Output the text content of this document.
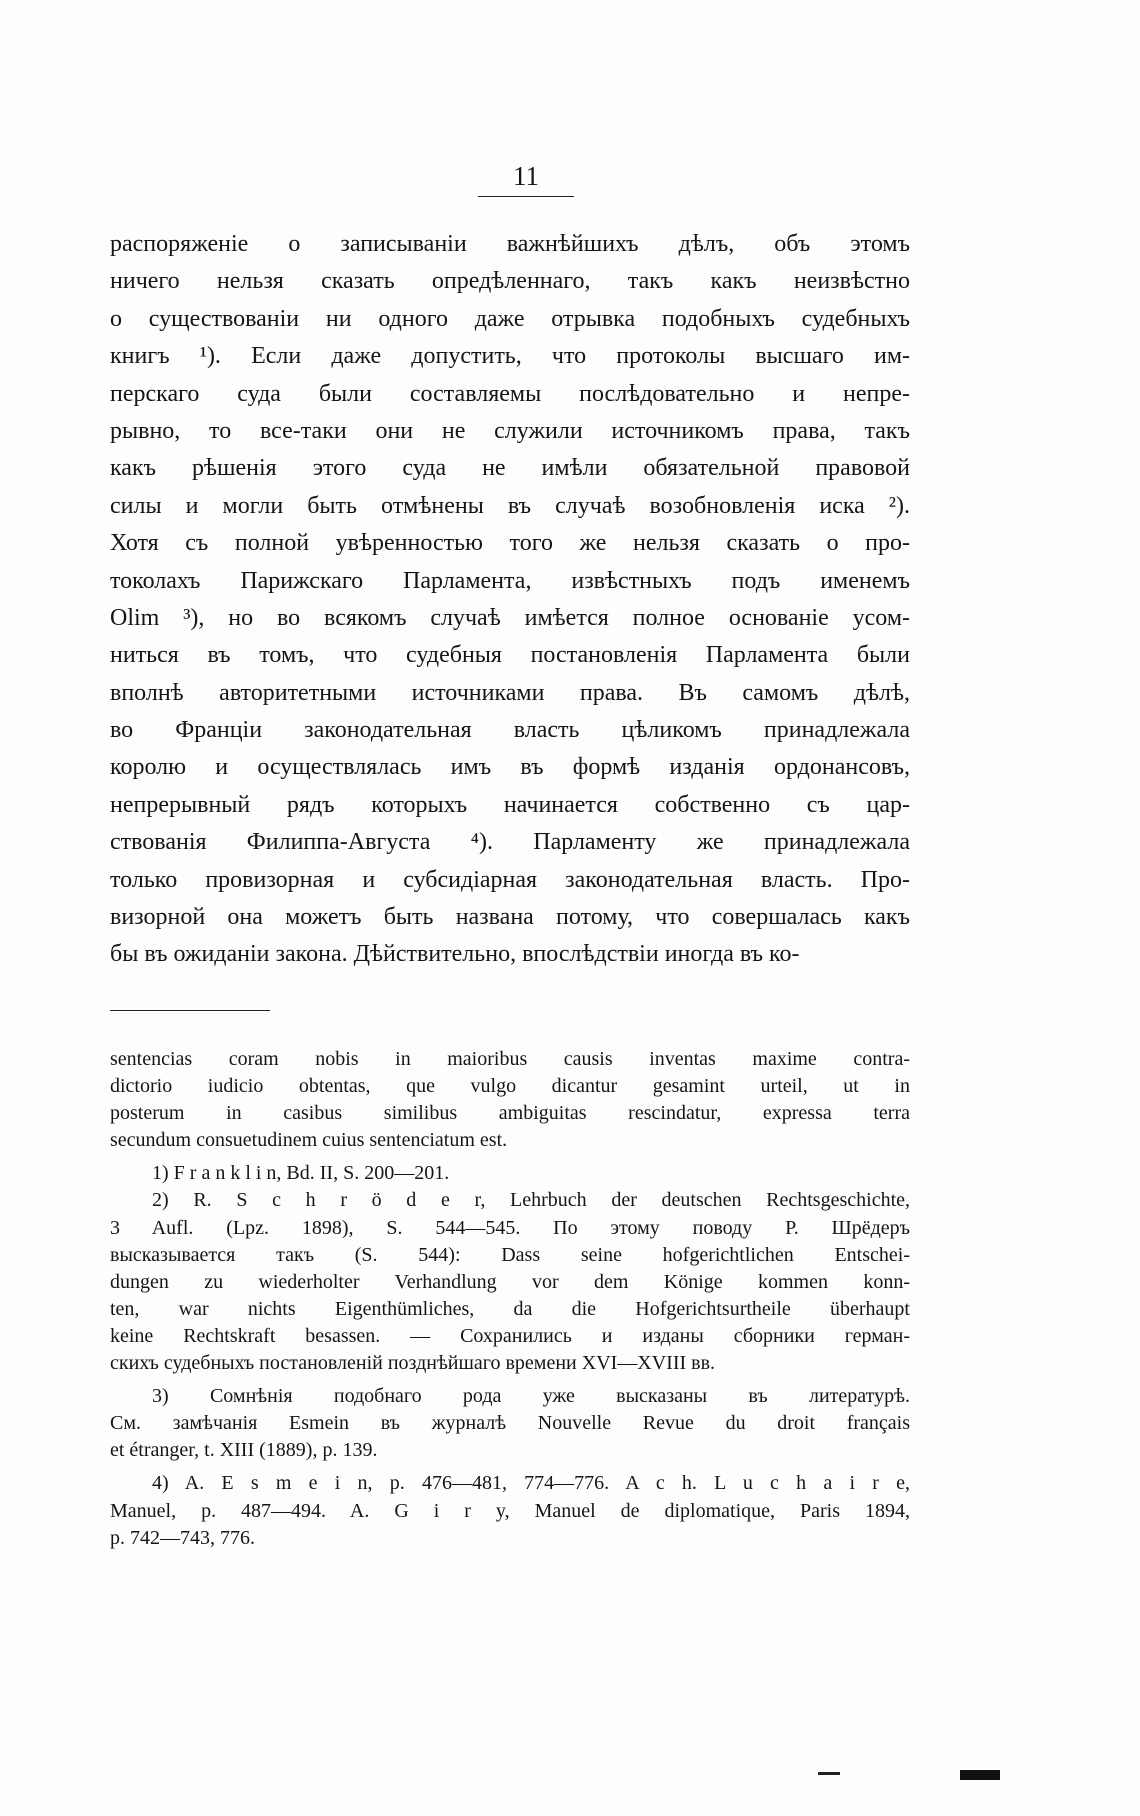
11
распоряженіе о записываніи важнѣйшихъ дѣлъ, объ этомъ
ничего нельзя сказать опредѣленнаго, такъ какъ неизвѣстно
о существованіи ни одного даже отрывка подобныхъ судебныхъ
книгъ ¹). Если даже допустить, что протоколы высшаго им-
перскаго суда были составляемы послѣдовательно и непре-
рывно, то все-таки они не служили источникомъ права, такъ
какъ рѣшенія этого суда не имѣли обязательной правовой
силы и могли быть отмѣнены въ случаѣ возобновленія иска ²).
Хотя съ полной увѣренностью того же нельзя сказать о про-
токолахъ Парижскаго Парламента, извѣстныхъ подъ именемъ
Olim ³), но во всякомъ случаѣ имѣется полное основаніе усом-
ниться въ томъ, что судебныя постановленія Парламента были
вполнѣ авторитетными источниками права. Въ самомъ дѣлѣ,
во Франціи законодательная власть цѣликомъ принадлежала
королю и осуществлялась имъ въ формѣ изданія ордонансовъ,
непрерывный рядъ которыхъ начинается собственно съ цар-
ствованія Филиппа-Августа ⁴). Парламенту же принадлежала
только провизорная и субсидіарная законодательная власть. Про-
визорной она можетъ быть названа потому, что совершалась какъ
бы въ ожиданіи закона. Дѣйствительно, впослѣдствіи иногда въ ко-
sentencias coram nobis in maioribus causis inventas maxime contra-
dictorio iudicio obtentas, que vulgo dicantur gesamint urteil, ut in
posterum in casibus similibus ambiguitas rescindatur, expressa terra
secundum consuetudinem cuius sentenciatum est.
1) F r a n k l i n, Bd. II, S. 200—201.
2) R. S c h r ö d e r, Lehrbuch der deutschen Rechtsgeschichte,
3 Aufl. (Lpz. 1898), S. 544—545. По этому поводу Р. Шрёдеръ
высказывается такъ (S. 544): Dass seine hofgerichtlichen Entschei-
dungen zu wiederholter Verhandlung vor dem Könige kommen konn-
ten, war nichts Eigenthümliches, da die Hofgerichtsurtheile überhaupt
keine Rechtskraft besassen. — Сохранились и изданы сборники герман-
скихъ судебныхъ постановленій позднѣйшаго времени XVI—XVIII вв.
3) Сомнѣнія подобнаго рода уже высказаны въ литературѣ.
См. замѣчанія Esmein въ журналѣ Nouvelle Revue du droit français
et étranger, t. XIII (1889), p. 139.
4) A. E s m e i n, p. 476—481, 774—776. A c h. L u c h a i r e,
Manuel, p. 487—494. A. G i r y, Manuel de diplomatique, Paris 1894,
p. 742—743, 776.
